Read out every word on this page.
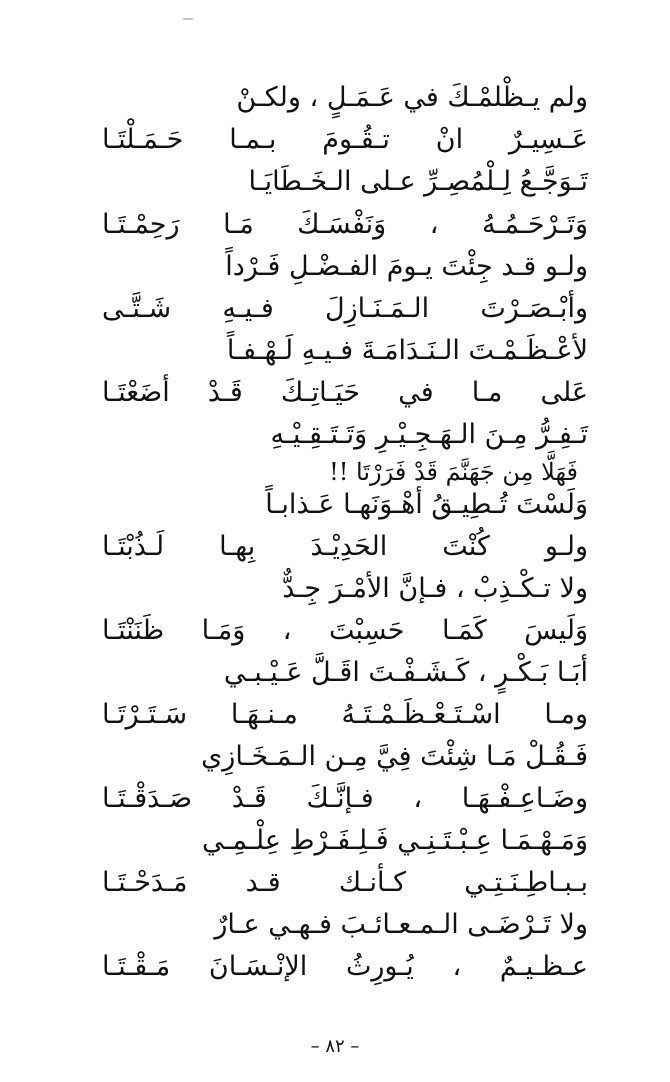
ولم يـظْلمْـكَ في عَـمَـلٍ ، ولكـنْ
عَـسِيـرٌ انْ تـقُـومَ بـمـا حَـمَـلْتَـا
تَـوَجَّـعُ لِـلْمُصِـرِّ عـلى الـخَـطَايَـا
وَتَـرْحَـمُـهُ ، وَنَفْسَـكَ مَـا رَحِمْـتَـا
ولـو قـد جِئْتَ يـومَ الفـضْـلِ فَـرْداً
وأبْـصَـرْتَ الـمَـنَـازِلَ فـيـهِ شَـتَّـى
لأعْـظَـمْـتَ الـنَـدَامَـةَ فـيـهِ لَـهْـفـاً
عَلى مـا في حَيَـاتِـكَ قَـدْ أضَعْتَـا
تَـفِـرُّ مِـنَ الـهَـجِـيْـرِ وَتَـتَـقِـيْـهِ
فَهَلَّا مِن جَهَنَّمَ قَدْ فَرَرْتَا !!
وَلَسْتَ تُـطِيـقُ أهْـوَنَهـا عَـذابـاً
ولـو كُنْتَ الحَدِيْـدَ بِهـا لَـذُبْتَـا
ولا تـكْـذِبْ ، فـإنَّ الأمْـرَ جِـدٌّ
وَلَيسَ كَمَـا حَسِبْتَ ، وَمَـا ظَنَنْتَـا
أبَـا بَـكْـرٍ ، كَـشَـفْـتَ اقَـلَّ عَـيْـبـي
ومـا اسْـتَـعْـظَـمْـتَـهُ مـنـهَـا سَـتَـرْتَـا
فَـقُـلْ مَـا شِئْتَ فِيَّ مِـن الـمَـخَـازِي
وضَـاعِـفْـهَـا ، فـإنَّـكَ قَـدْ صَـدَقْـتَـا
وَمَـهْـمَـا عِـبْـتَـنِـي فَـلِـفَـرْطِ عِلْـمِـي
بـبـاطِـنَـتِـي كـأنـك قـد مَـدَحْـتَـا
ولا تَـرْضَـى الـمـعـائـبَ فـهـي عـارٌ
عـظـيـمٌ ، يُـورِثُ الإنْـسَـانَ مَـقْـتَـا
– ٨٢ –
